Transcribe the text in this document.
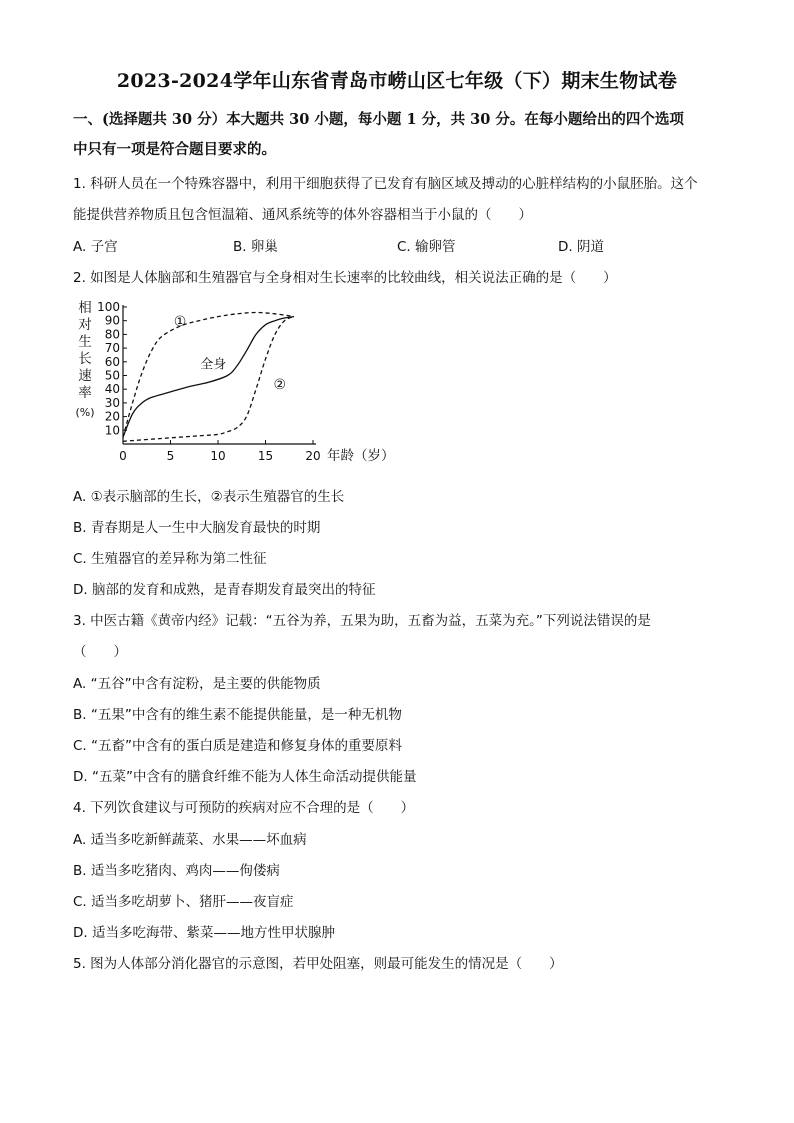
2023-2024学年山东省青岛市崂山区七年级（下）期末生物试卷
一、(选择题共 30 分）本大题共 30 小题，每小题 1 分，共 30 分。在每小题给出的四个选项
中只有一项是符合题目要求的。
1. 科研人员在一个特殊容器中，利用干细胞获得了已发育有脑区域及搏动的心脏样结构的小鼠胚胎。这个
能提供营养物质且包含恒温箱、通风系统等的体外容器相当于小鼠的（　　）
A. 子宫	B. 卵巢	C. 输卵管	D. 阴道
2. 如图是人体脑部和生殖器官与全身相对生长速率的比较曲线，相关说法正确的是（　　）
相
对
生
长
速
率
(%)
10
20
30
40
50
60
70
80
90
100
0	5	10	15	20 年龄（岁）
①
全身
②
A. ①表示脑部的生长，②表示生殖器官的生长
B. 青春期是人一生中大脑发育最快的时期
C. 生殖器官的差异称为第二性征
D. 脑部的发育和成熟，是青春期发育最突出的特征
3. 中医古籍《黄帝内经》记载：“五谷为养，五果为助，五畜为益，五菜为充。”下列说法错误的是
（　　）
A. “五谷”中含有淀粉，是主要的供能物质
B. “五果”中含有的维生素不能提供能量，是一种无机物
C. “五畜”中含有的蛋白质是建造和修复身体的重要原料
D. “五菜”中含有的膳食纤维不能为人体生命活动提供能量
4. 下列饮食建议与可预防的疾病对应不合理的是（　　）
A. 适当多吃新鲜蔬菜、水果——坏血病
B. 适当多吃猪肉、鸡肉——佝偻病
C. 适当多吃胡萝卜、猪肝——夜盲症
D. 适当多吃海带、紫菜——地方性甲状腺肿
5. 图为人体部分消化器官的示意图，若甲处阻塞，则最可能发生的情况是（　　）
